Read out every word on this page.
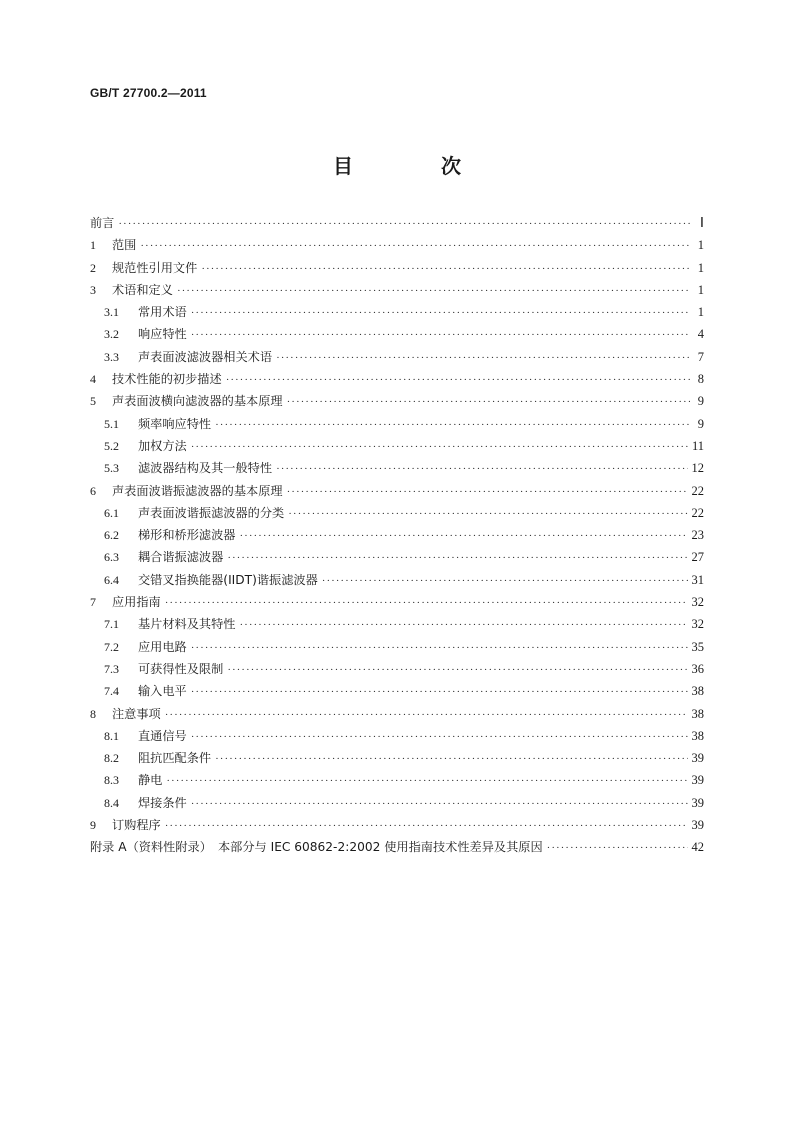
GB/T 27700.2—2011
目　次
前言 ·····	Ⅰ
1	范围 ·····	1
2	规范性引用文件 ·····	1
3	术语和定义 ·····	1
3.1	常用术语 ·····	1
3.2	响应特性 ·····	4
3.3	声表面波滤波器相关术语 ·····	7
4	技术性能的初步描述 ·····	8
5	声表面波横向滤波器的基本原理 ·····	9
5.1	频率响应特性 ·····	9
5.2	加权方法 ·····	11
5.3	滤波器结构及其一般特性 ·····	12
6	声表面波谐振滤波器的基本原理 ·····	22
6.1	声表面波谐振滤波器的分类 ·····	22
6.2	梯形和桥形滤波器 ·····	23
6.3	耦合谐振滤波器 ·····	27
6.4	交错叉指换能器(IIDT)谐振滤波器 ·····	31
7	应用指南 ·····	32
7.1	基片材料及其特性 ·····	32
7.2	应用电路 ·····	35
7.3	可获得性及限制 ·····	36
7.4	输入电平 ·····	38
8	注意事项 ·····	38
8.1	直通信号 ·····	38
8.2	阻抗匹配条件 ·····	39
8.3	静电 ·····	39
8.4	焊接条件 ·····	39
9	订购程序 ·····	39
附录 A（资料性附录）　本部分与 IEC 60862-2:2002 使用指南技术性差异及其原因 ·····	42
